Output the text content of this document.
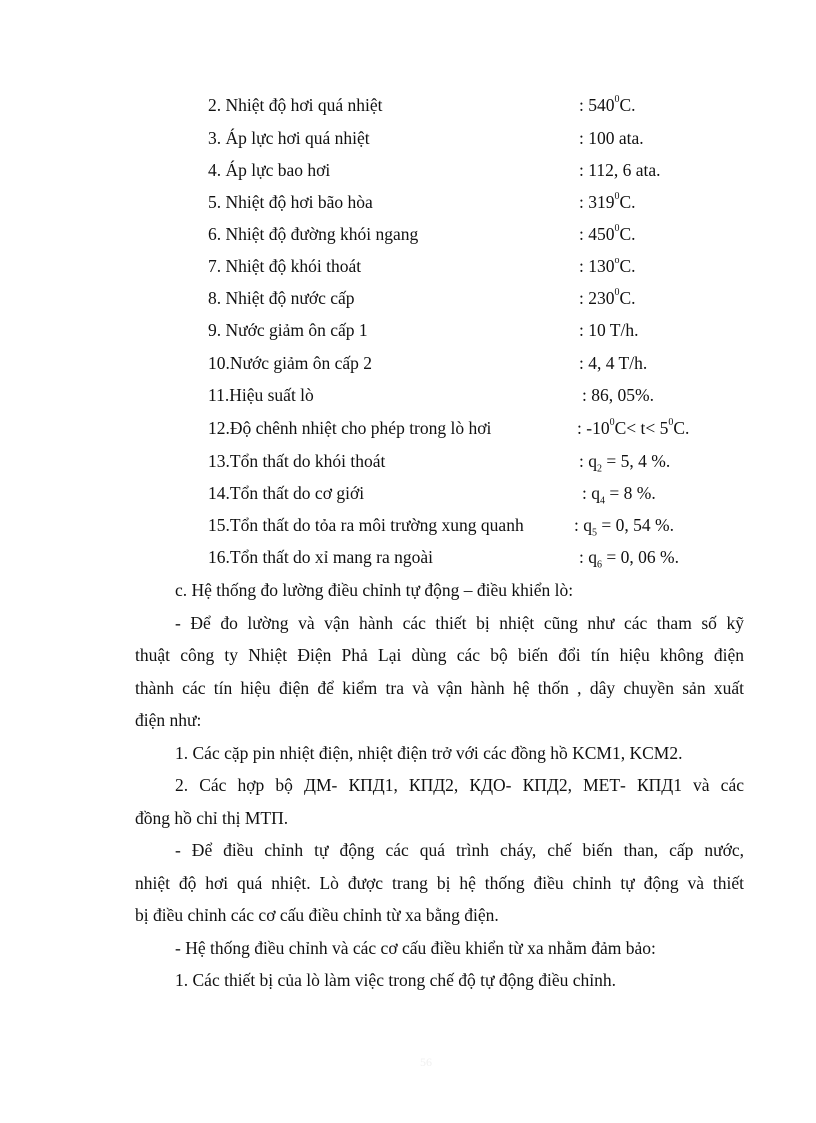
2. Nhiệt độ hơi quá nhiệt	: $540^0C$.
3. Áp lực hơi quá nhiệt	: 100 ata.
4. Áp lực bao hơi	: 112, 6 ata.
5. Nhiệt độ hơi bão hòa	: $319^0C$.
6. Nhiệt độ đường khói ngang	: $450^0C$.
7. Nhiệt độ khói thoát	: 130$^o$C.
8. Nhiệt độ nước cấp	: $230^0C$.
9. Nước giảm ôn cấp 1	: 10 T/h.
10.Nước giảm ôn cấp 2	: 4, 4 T/h.
11.Hiệu suất lò	: 86, 05%.
12.Độ chênh nhiệt cho phép trong lò hơi	: $-10^0C< t< 5^0C$.
13.Tổn thất do khói thoát	: $q_2 = 5$, 4 %.
14.Tổn thất do cơ giới	: $q_4 = 8$ %.
15.Tổn thất do tỏa ra môi trường xung quanh	: $q_5 = 0$, 54 %.
16.Tổn thất do xỉ mang ra ngoài	: $q_6 = 0$, 06 %.
c. Hệ thống đo lường điều chỉnh tự động – điều khiển lò:
- Để đo lường và vận hành các thiết bị nhiệt cũng như các tham số kỹ
thuật công ty Nhiệt Điện Phả Lại dùng các bộ biến đổi tín hiệu không điện
thành các tín hiệu điện để kiểm tra và vận hành hệ thốn , dây chuyền sản xuất
điện như:
1. Các cặp pin nhiệt điện, nhiệt điện trở với các đồng hồ KCM1, KCM2.
2. Các hợp bộ ДМ- КПД1, КПД2, КДО- КПД2, МЕТ- КПД1 và các
đồng hồ chỉ thị МТП.
- Để điều chỉnh tự động các quá trình cháy, chế biến than, cấp nước,
nhiệt độ hơi quá nhiệt. Lò được trang bị hệ thống điều chỉnh tự động và thiết
bị điều chỉnh các cơ cấu điều chỉnh từ xa bằng điện.
- Hệ thống điều chỉnh và các cơ cấu điều khiển từ xa nhằm đảm bảo:
1. Các thiết bị của lò làm việc trong chế độ tự động điều chỉnh.
56
